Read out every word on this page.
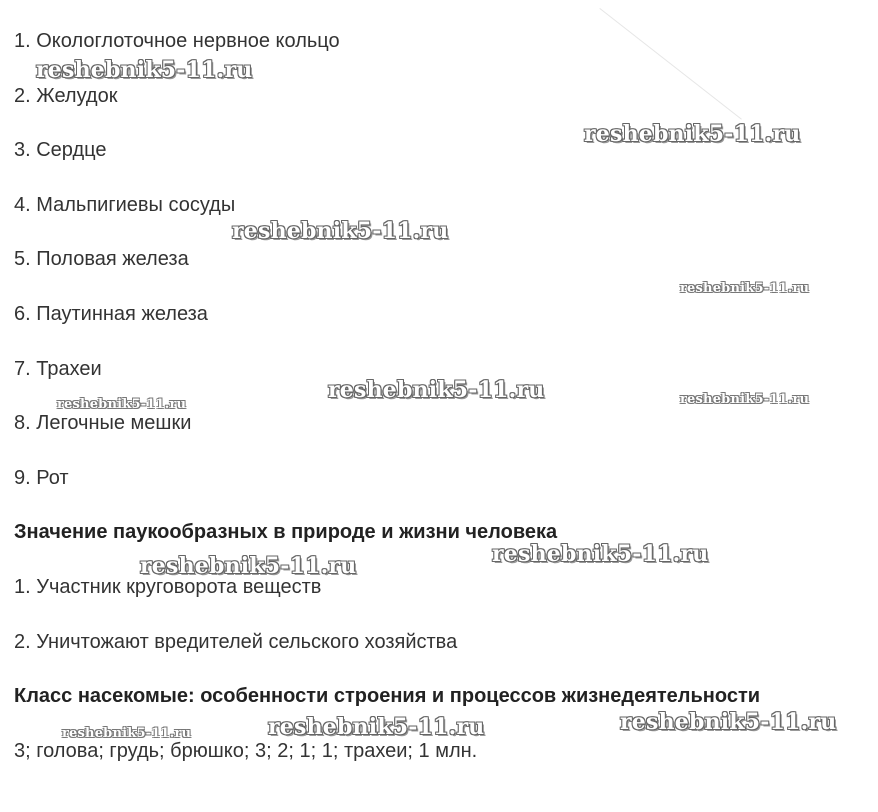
1. Окологлоточное нервное кольцо
2. Желудок
3. Сердце
4. Мальпигиевы сосуды
5. Половая железа
6. Паутинная железа
7. Трахеи
8. Легочные мешки
9. Рот
Значение паукообразных в природе и жизни человека
1. Участник круговорота веществ
2. Уничтожают вредителей сельского хозяйства
Класс насекомые: особенности строения и процессов жизнедеятельности
3; голова; грудь; брюшко; 3; 2; 1; 1; трахеи; 1 млн.
reshebnik5-11.ru
reshebnik5-11.ru
reshebnik5-11.ru
reshebnik5-11.ru
reshebnik5-11.ru
reshebnik5-11.ru	reshebnik5-11.ru
reshebnik5-11.ru	reshebnik5-11.ru
reshebnik5-11.ru	reshebnik5-11.ru	reshebnik5-11.ru
